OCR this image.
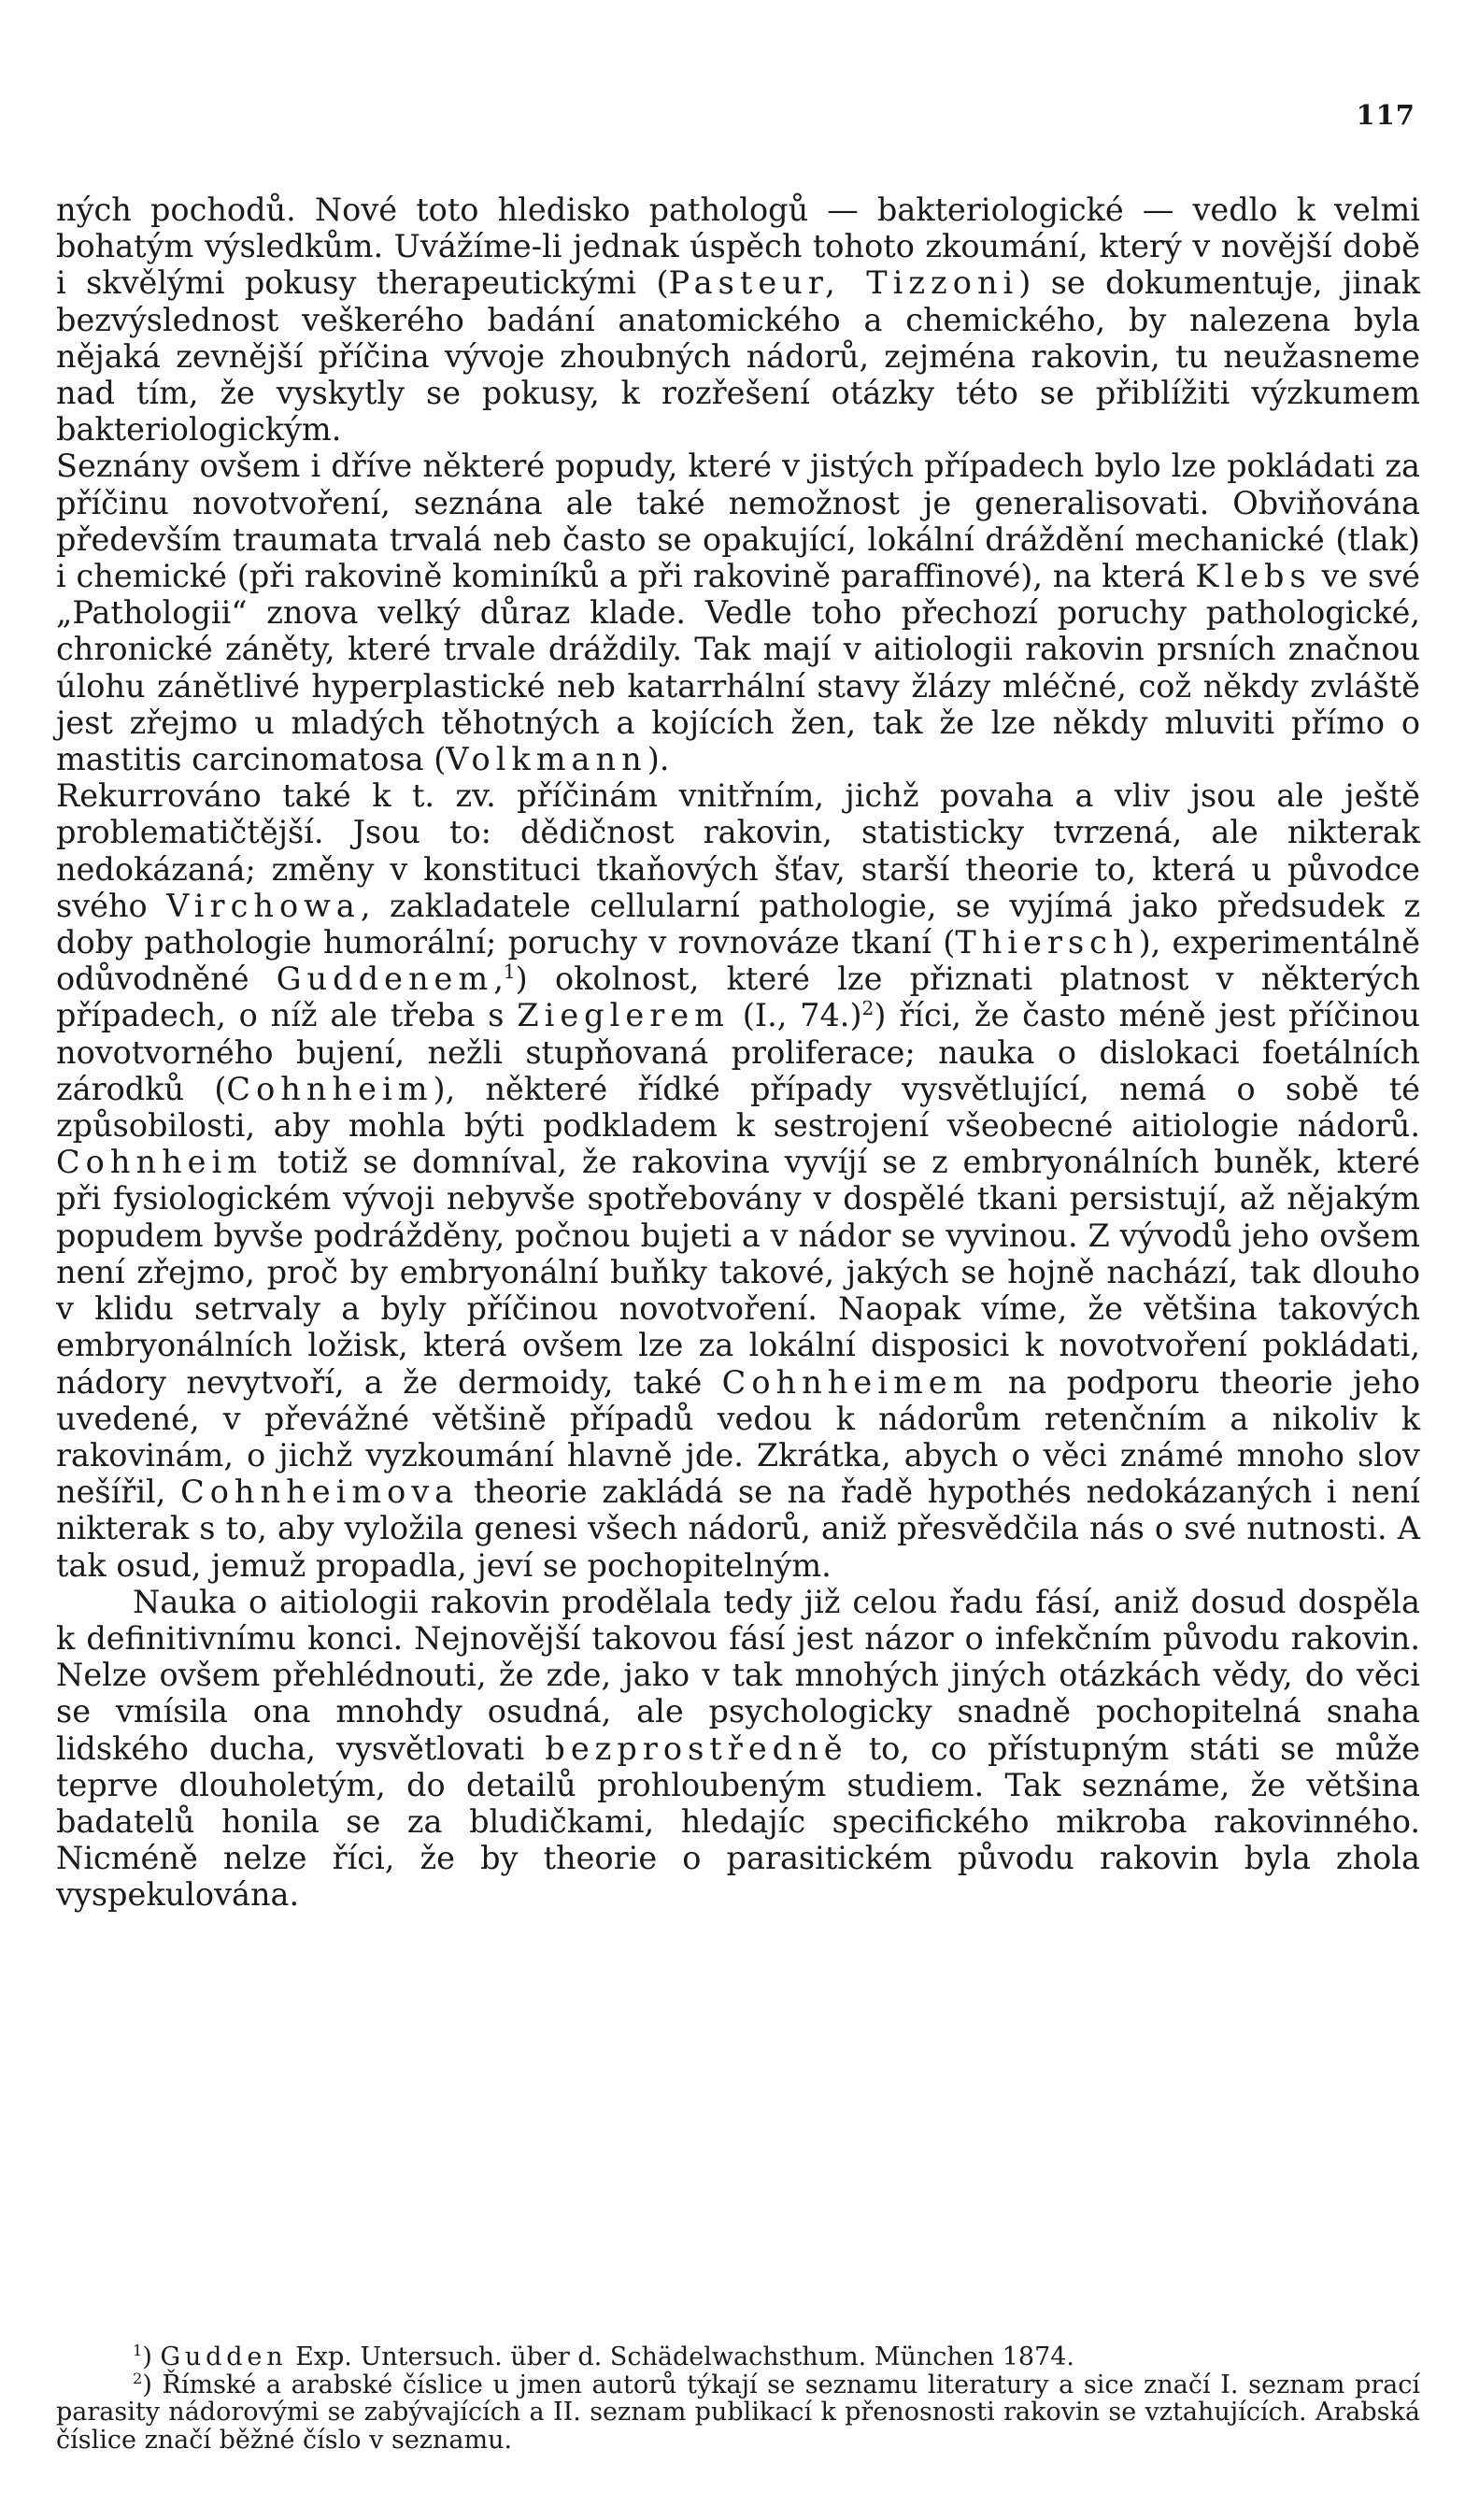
117

ných pochodů. Nové toto hledisko pathologů — bakteriologické — vedlo k velmi bohatým výsledkům. Uvážíme-li jednak úspěch tohoto zkoumání, který v novější době i skvělými pokusy therapeutickými (Pasteur, Tizzoni) se dokumentuje, jinak bezvýslednost veškerého badání anatomického a chemického, by nalezena byla nějaká zevnější příčina vývoje zhoubných nádorů, zejména rakovin, tu neužasneme nad tím, že vyskytly se pokusy, k rozřešení otázky této se přiblížiti výzkumem bakteriologickým.

Seznány ovšem i dříve některé popudy, které v jistých případech bylo lze pokládati za příčinu novotvoření, seznána ale také nemožnost je generalisovati. Obviňována především traumata trvalá neb často se opakující, lokální dráždění mechanické (tlak) i chemické (při rakovině kominíků a při rakovině paraffinové), na která Klebs ve své „Pathologii“ znova velký důraz klade. Vedle toho přechozí poruchy pathologické, chronické záněty, které trvale dráždily. Tak mají v aitiologii rakovin prsních značnou úlohu zánětlivé hyperplastické neb katarrhální stavy žlázy mléčné, což někdy zvláště jest zřejmo u mladých těhotných a kojících žen, tak že lze někdy mluviti přímo o mastitis carcinomatosa (Volkmann).

Rekurrováno také k t. zv. příčinám vnitřním, jichž povaha a vliv jsou ale ještě problematičtější. Jsou to: dědičnost rakovin, statisticky tvrzená, ale nikterak nedokázaná; změny v konstituci tkaňových šťav, starší theorie to, která u původce svého Virchowa, zakladatele cellularní pathologie, se vyjímá jako předsudek z doby pathologie humorální; poruchy v rovnováze tkaní (Thiersch), experimentálně odůvodněné Guddenem,$^1$) okolnost, které lze přiznati platnost v některých případech, o níž ale třeba s Zieglerem (I., 74.)$^2$) říci, že často méně jest příčinou novotvorného bujení, nežli stupňovaná proliferace; nauka o dislokaci foetálních zárodků (Cohnheim), některé řídké případy vysvětlující, nemá o sobě té způsobilosti, aby mohla býti podkladem k sestrojení všeobecné aitiologie nádorů. Cohnheim totiž se domníval, že rakovina vyvíjí se z embryonálních buněk, které při fysiologickém vývoji nebyvše spotřebovány v dospělé tkani persistují, až nějakým popudem byvše podrážděny, počnou bujeti a v nádor se vyvinou. Z vývodů jeho ovšem není zřejmo, proč by embryonální buňky takové, jakých se hojně nachází, tak dlouho v klidu setrvaly a byly příčinou novotvoření. Naopak víme, že většina takových embryonálních ložisk, která ovšem lze za lokální disposici k novotvoření pokládati, nádory nevytvoří, a že dermoidy, také Cohnheimem na podporu theorie jeho uvedené, v převážné většině případů vedou k nádorům retenčním a nikoliv k rakovinám, o jichž vyzkoumání hlavně jde. Zkrátka, abych o věci známé mnoho slov nešířil, Cohnheimova theorie zakládá se na řadě hypothés nedokázaných i není nikterak s to, aby vyložila genesi všech nádorů, aniž přesvědčila nás o své nutnosti. A tak osud, jemuž propadla, jeví se pochopitelným.

Nauka o aitiologii rakovin prodělala tedy již celou řadu fásí, aniž dosud dospěla k definitivnímu konci. Nejnovější takovou fásí jest názor o infekčním původu rakovin. Nelze ovšem přehlédnouti, že zde, jako v tak mnohých jiných otázkách vědy, do věci se vmísila ona mnohdy osudná, ale psychologicky snadně pochopitelná snaha lidského ducha, vysvětlovati bezprostředně to, co přístupným státi se může teprve dlouholetým, do detailů prohloubeným studiem. Tak seznáme, že většina badatelů honila se za bludičkami, hledajíc specifického mikroba rakovinného. Nicméně nelze říci, že by theorie o parasitickém původu rakovin byla zhola vyspekulována.

$^1$) Gudden Exp. Untersuch. über d. Schädelwachsthum. München 1874.

$^2$) Římské a arabské číslice u jmen autorů týkají se seznamu literatury a sice značí I. seznam prací parasity nádorovými se zabývajících a II. seznam publikací k přenosnosti rakovin se vztahujících. Arabská číslice značí běžné číslo v seznamu.
